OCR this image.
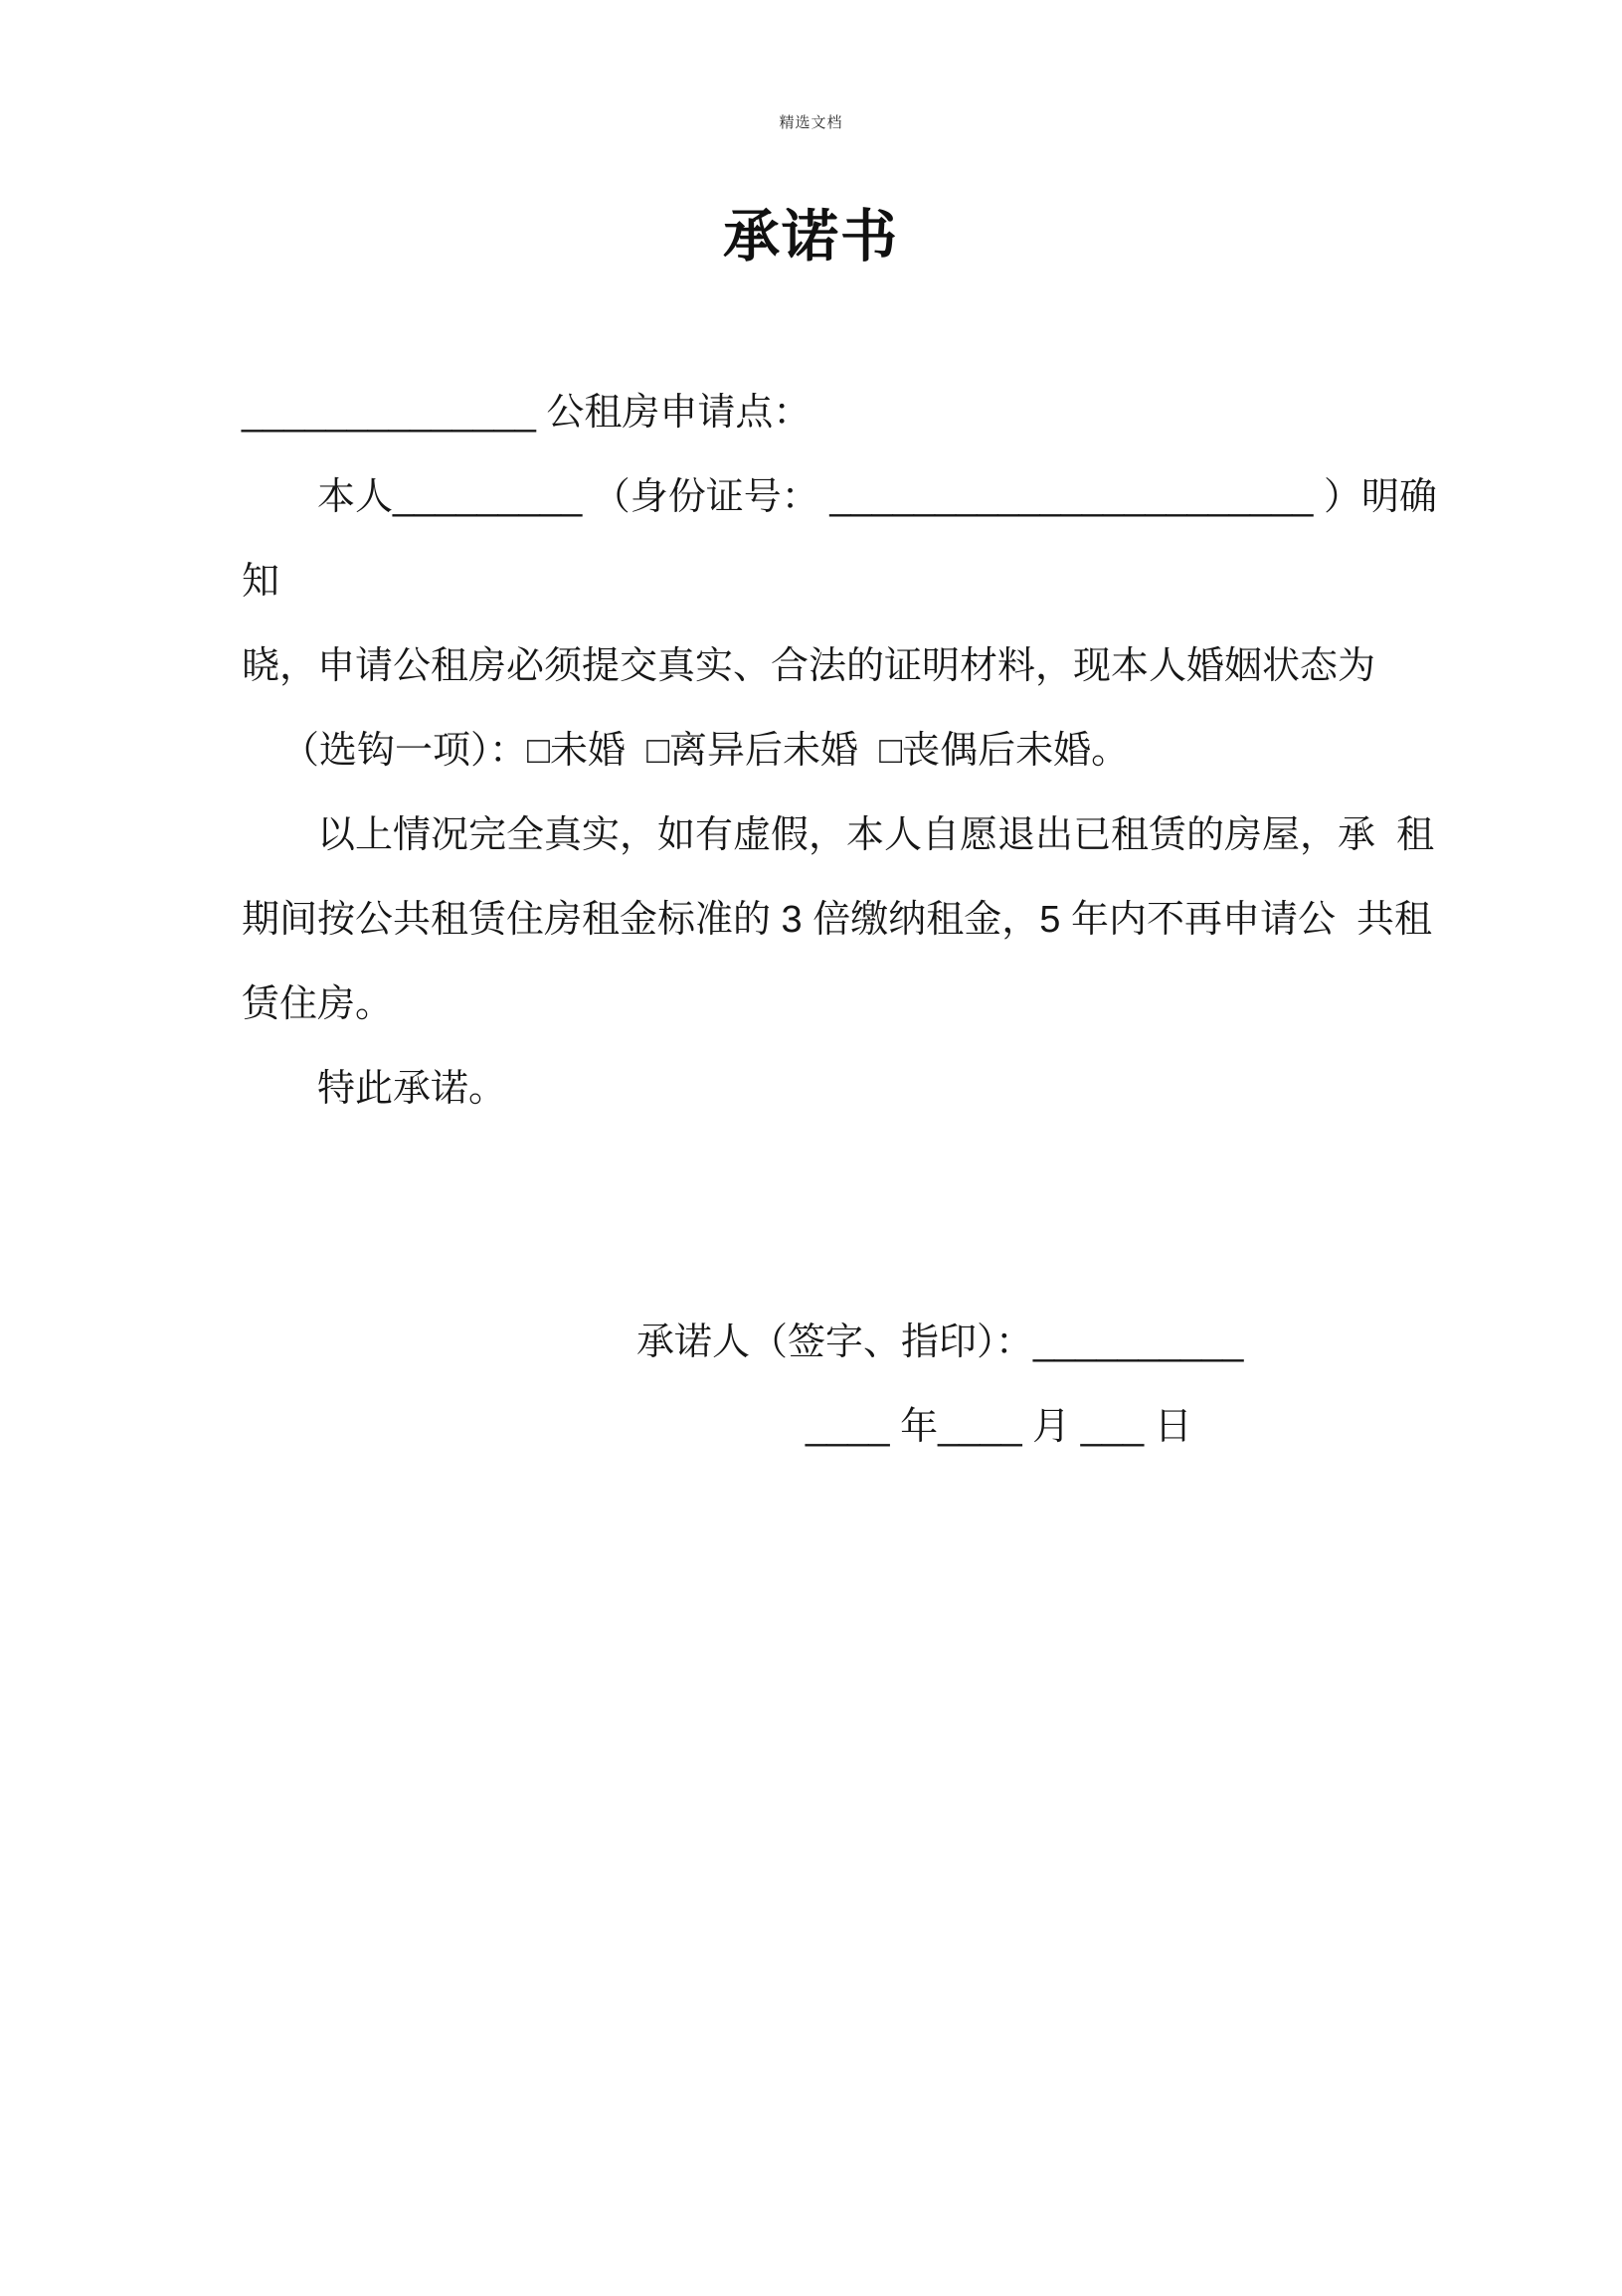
精选文档
承诺书
______________ 公租房申请点：
本人_________ （身份证号： _______________________ ）明确
知
晓，申请公租房必须提交真实、合法的证明材料，现本人婚姻状态为
（选钩一项）：□未婚  □离异后未婚  □丧偶后未婚。
以上情况完全真实，如有虚假，本人自愿退出已租赁的房屋，承  租
期间按公共租赁住房租金标准的 3 倍缴纳租金，5 年内不再申请公  共租
赁住房。
特此承诺。
承诺人（签字、指印）：__________
____ 年____ 月 ___ 日
